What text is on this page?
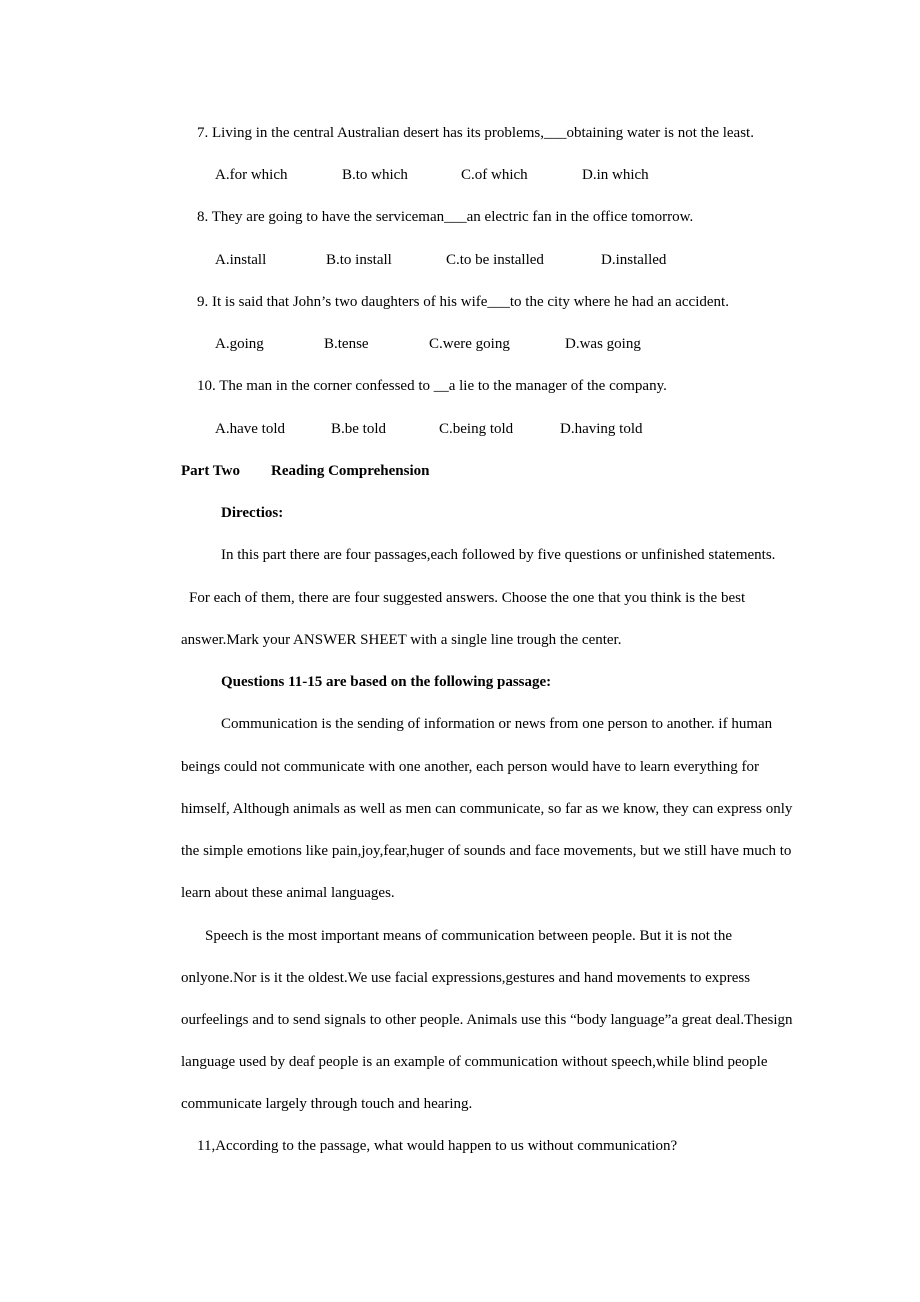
7. Living in the central Australian desert has its problems,___obtaining water is not the least.
A.for which	B.to which	C.of which	D.in which
8. They are going to have the serviceman___an electric fan in the office tomorrow.
A.install	B.to install	C.to be installed	D.installed
9. It is said that John’s two daughters of his wife___to the city where he had an accident.
A.going	B.tense	C.were going	D.was going
10. The man in the corner confessed to __a lie to the manager of the company.
A.have told	B.be told	C.being told	D.having told
Part Two Reading Comprehension
Directios:
In this part there are four passages,each followed by five questions or unfinished statements.
For each of them, there are four suggested answers. Choose the one that you think is the best
answer.Mark your ANSWER SHEET with a single line trough the center.
Questions 11-15 are based on the following passage:
Communication is the sending of information or news from one person to another. if human
beings could not communicate with one another, each person would have to learn everything for
himself, Although animals as well as men can communicate, so far as we know, they can express only
the simple emotions like pain,joy,fear,huger of sounds and face movements, but we still have much to
learn about these animal languages.
Speech is the most important means of communication between people. But it is not the
onlyone.Nor is it the oldest.We use facial expressions,gestures and hand movements to express
ourfeelings and to send signals to other people. Animals use this “body language”a great deal.Thesign
language used by deaf people is an example of communication without speech,while blind people
communicate largely through touch and hearing.
11,According to the passage, what would happen to us without communication?
